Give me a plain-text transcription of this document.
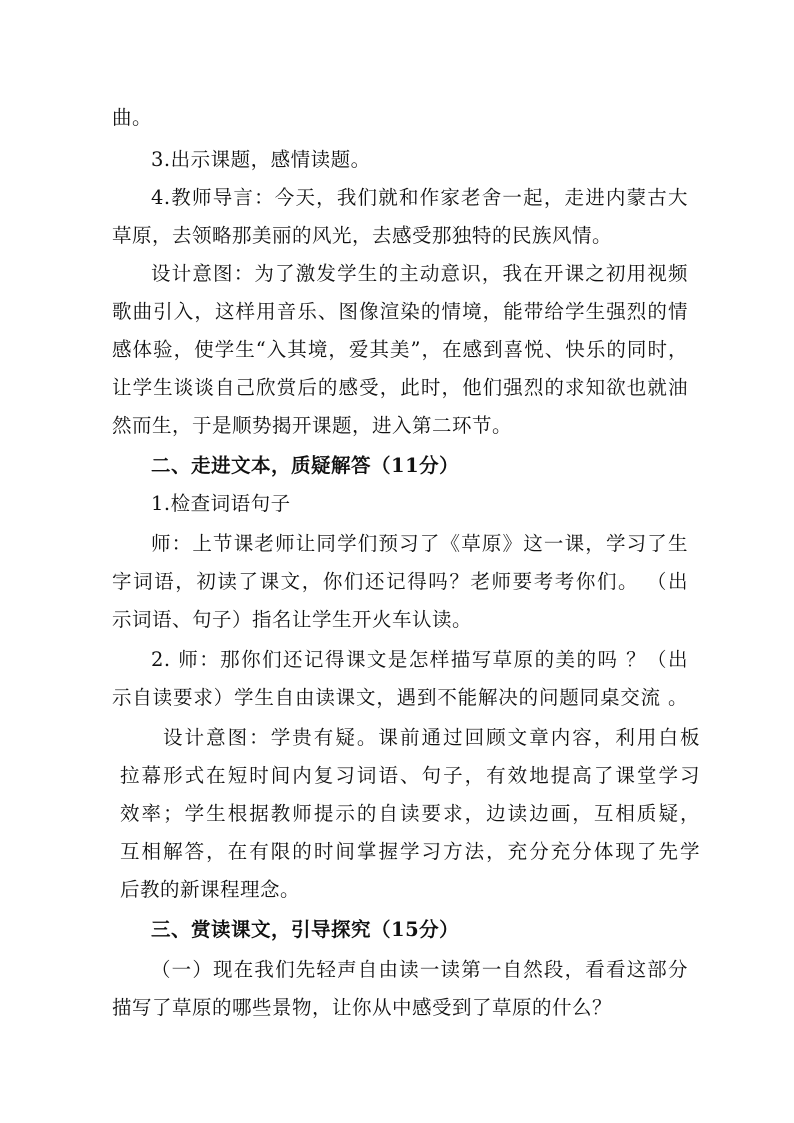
曲。
3.出示课题，感情读题。
4.教师导言：今天，我们就和作家老舍一起，走进内蒙古大
草原，去领略那美丽的风光，去感受那独特的民族风情。
设计意图：为了激发学生的主动意识，我在开课之初用视频
歌曲引入，这样用音乐、图像渲染的情境，能带给学生强烈的情
感体验，使学生“入其境，爱其美”，在感到喜悦、快乐的同时，
让学生谈谈自己欣赏后的感受，此时，他们强烈的求知欲也就油
然而生，于是顺势揭开课题，进入第二环节。
二、走进文本，质疑解答（11分）
1.检查词语句子
师：上节课老师让同学们预习了《草原》这一课，学习了生
字词语，初读了课文，你们还记得吗？老师要考考你们。 （出
示词语、句子）指名让学生开火车认读。
2. 师：那你们还记得课文是怎样描写草原的美的吗 ？（出
示自读要求）学生自由读课文，遇到不能解决的问题同桌交流 。
设计意图：学贵有疑。课前通过回顾文章内容，利用白板
拉幕形式在短时间内复习词语、句子，有效地提高了课堂学习
效率；学生根据教师提示的自读要求，边读边画，互相质疑，
互相解答，在有限的时间掌握学习方法，充分充分体现了先学
后教的新课程理念。
三、赏读课文，引导探究（15分）
（一）现在我们先轻声自由读一读第一自然段，看看这部分
描写了草原的哪些景物，让你从中感受到了草原的什么？
